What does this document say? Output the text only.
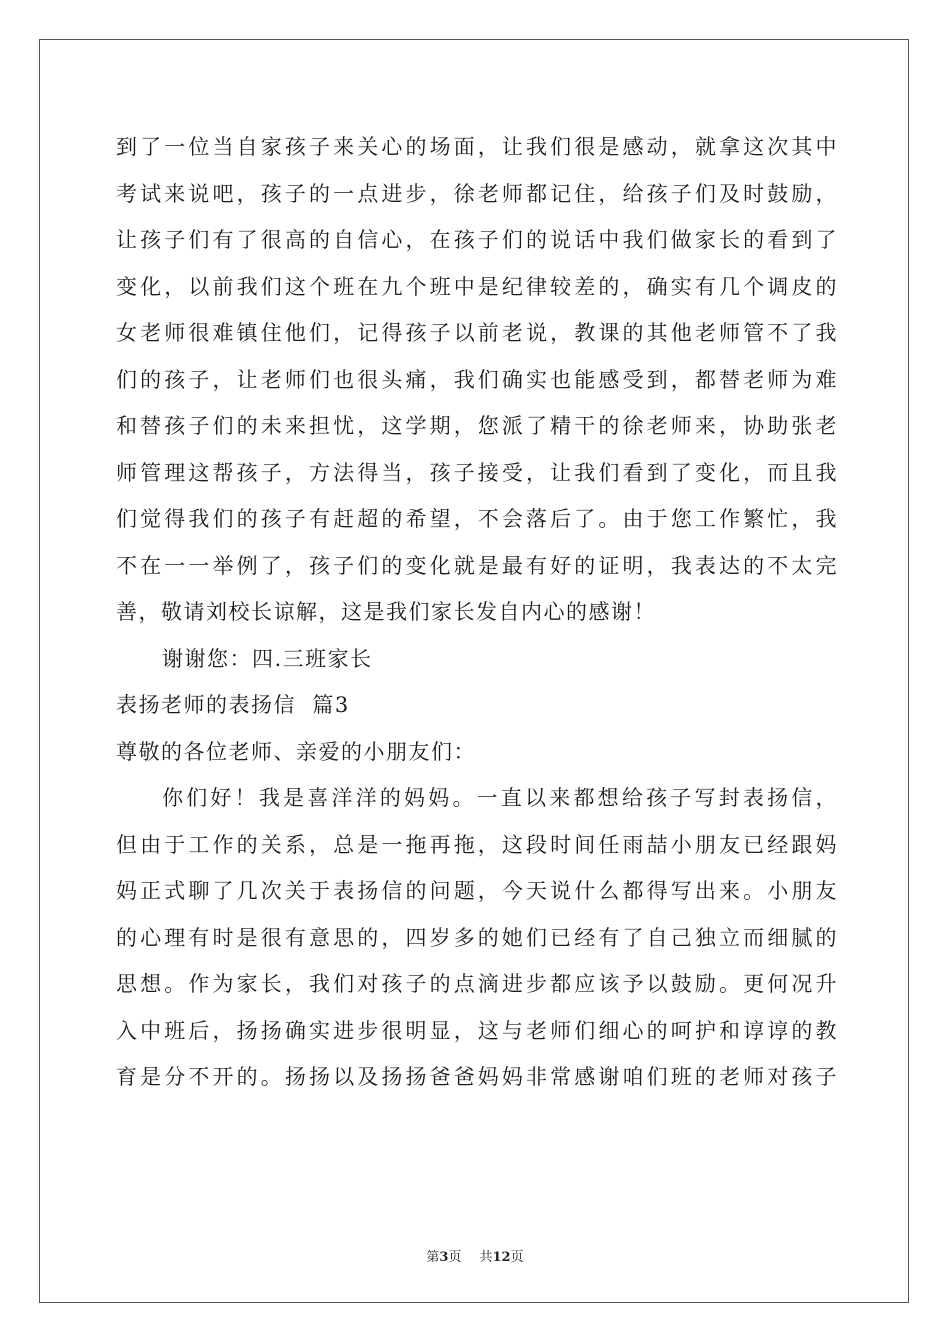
到了一位当自家孩子来关心的场面，让我们很是感动，就拿这次其中
考试来说吧，孩子的一点进步，徐老师都记住，给孩子们及时鼓励，
让孩子们有了很高的自信心，在孩子们的说话中我们做家长的看到了
变化，以前我们这个班在九个班中是纪律较差的，确实有几个调皮的
女老师很难镇住他们，记得孩子以前老说，教课的其他老师管不了我
们的孩子，让老师们也很头痛，我们确实也能感受到，都替老师为难
和替孩子们的未来担忧，这学期，您派了精干的徐老师来，协助张老
师管理这帮孩子，方法得当，孩子接受，让我们看到了变化，而且我
们觉得我们的孩子有赶超的希望，不会落后了。由于您工作繁忙，我
不在一一举例了，孩子们的变化就是最有好的证明，我表达的不太完
善，敬请刘校长谅解，这是我们家长发自内心的感谢！
谢谢您：四.三班家长
表扬老师的表扬信  篇3
尊敬的各位老师、亲爱的小朋友们：
你们好！我是喜洋洋的妈妈。一直以来都想给孩子写封表扬信，
但由于工作的关系，总是一拖再拖，这段时间任雨喆小朋友已经跟妈
妈正式聊了几次关于表扬信的问题，今天说什么都得写出来。小朋友
的心理有时是很有意思的，四岁多的她们已经有了自己独立而细腻的
思想。作为家长，我们对孩子的点滴进步都应该予以鼓励。更何况升
入中班后，扬扬确实进步很明显，这与老师们细心的呵护和谆谆的教
育是分不开的。扬扬以及扬扬爸爸妈妈非常感谢咱们班的老师对孩子
第3页 共12页
